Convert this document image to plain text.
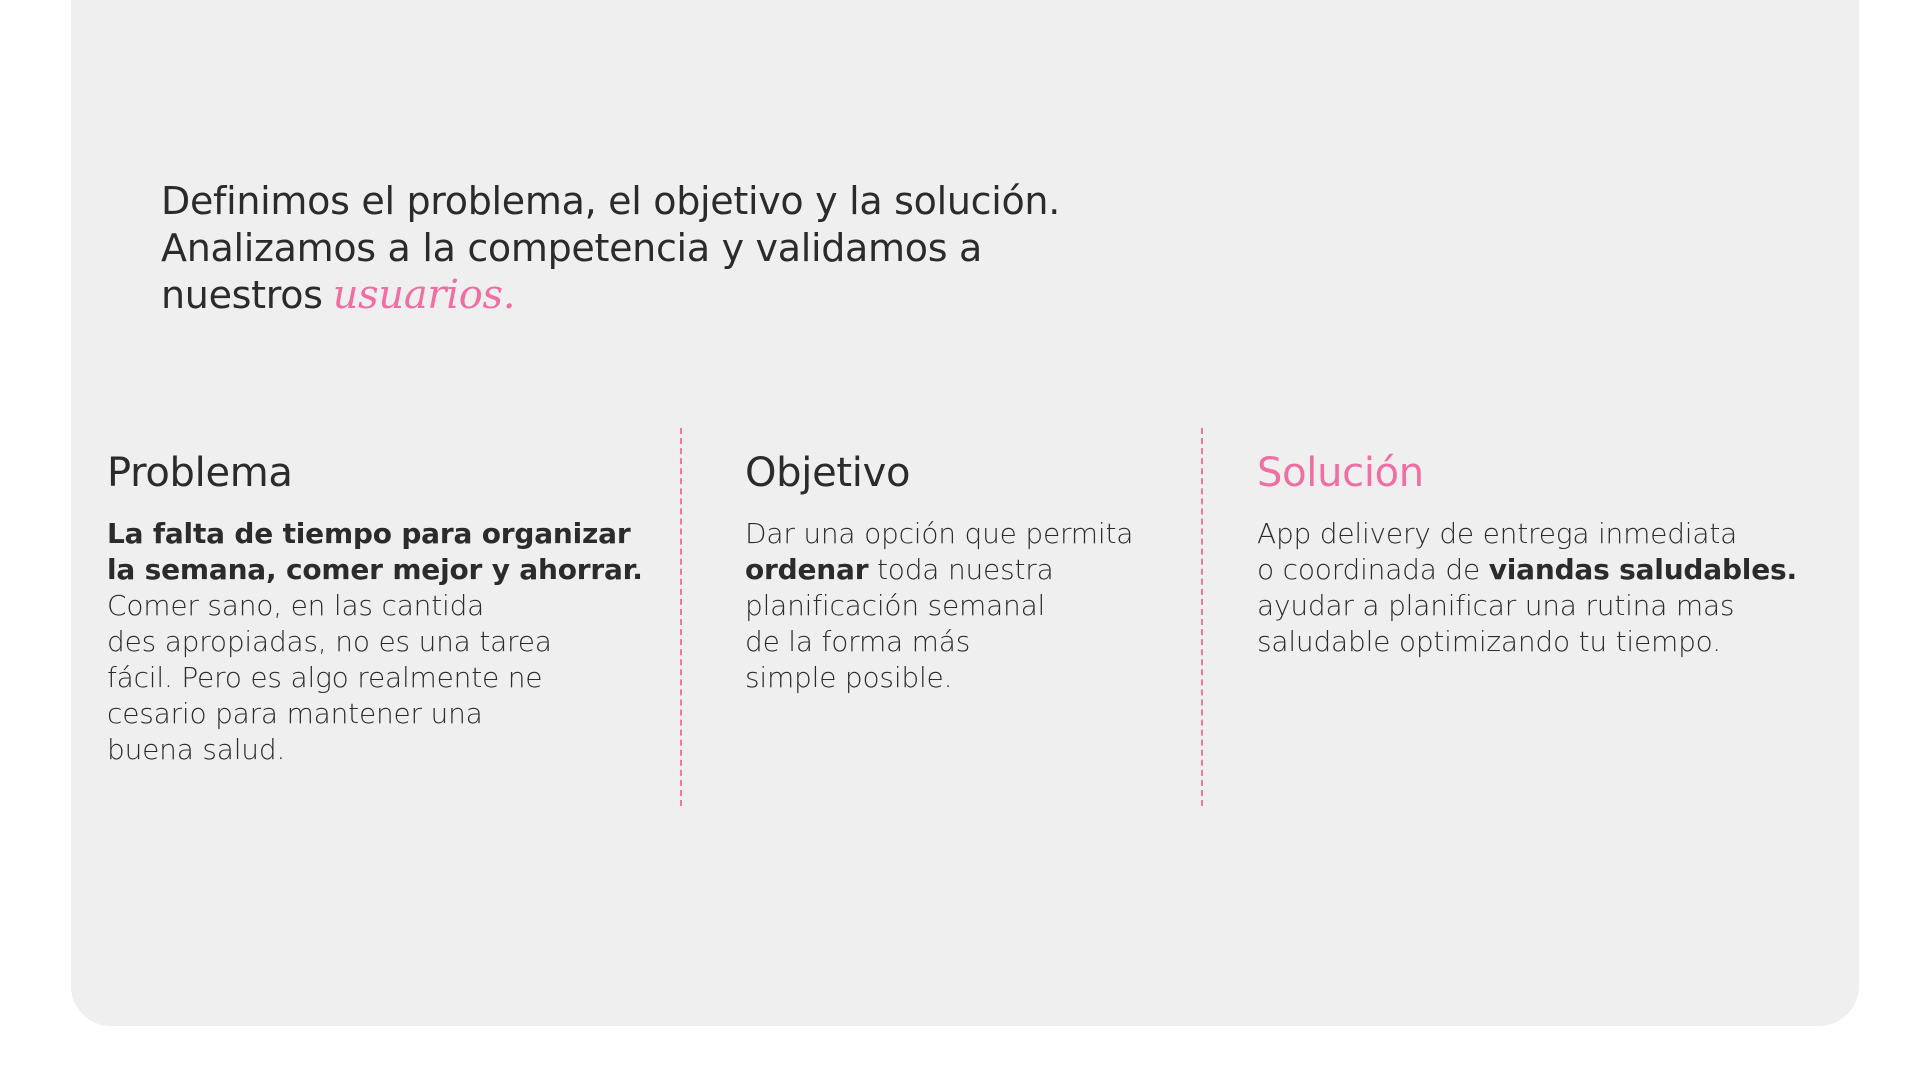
Definimos el problema, el objetivo y la solución.
Analizamos a la competencia y validamos a
nuestros usuarios.
Problema

La falta de tiempo para organizar
la semana, comer mejor y ahorrar.
Comer sano, en las cantida
des apropiadas, no es una tarea
fácil. Pero es algo realmente ne
cesario para mantener una
buena salud.

Objetivo

Dar una opción que permita
ordenar toda nuestra
planificación semanal
de la forma más
simple posible.

Solución

App delivery de entrega inmediata
o coordinada de viandas saludables.
ayudar a planificar una rutina mas
saludable optimizando tu tiempo.
